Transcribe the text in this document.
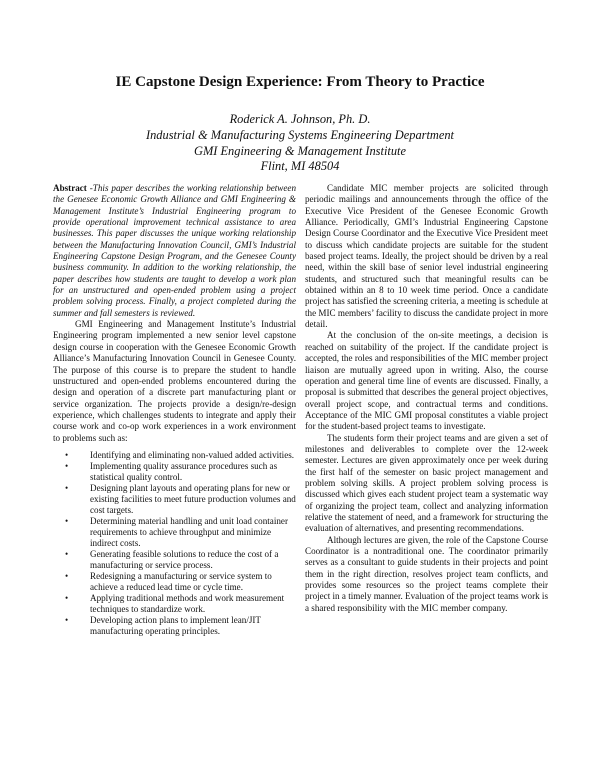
IE Capstone Design Experience: From Theory to Practice
Roderick A. Johnson, Ph. D.
Industrial & Manufacturing Systems Engineering Department
GMI Engineering & Management Institute
Flint, MI 48504

Abstract -This paper describes the working relationship between the Genesee Economic Growth Alliance and GMI Engineering & Management Institute’s Industrial Engineering program to provide operational improvement technical assistance to area businesses. This paper discusses the unique working relationship between the Manufacturing Innovation Council, GMI’s Industrial Engineering Capstone Design Program, and the Genesee County business community. In addition to the working relationship, the paper describes how students are taught to develop a work plan for an unstructured and open-ended problem using a project problem solving process. Finally, a project completed during the summer and fall semesters is reviewed.

GMI Engineering and Management Institute’s Industrial Engineering program implemented a new senior level capstone design course in cooperation with the Genesee Economic Growth Alliance’s Manufacturing Innovation Council in Genesee County. The purpose of this course is to prepare the student to handle unstructured and open-ended problems encountered during the design and operation of a discrete part manufacturing plant or service organization. The projects provide a design/re-design experience, which challenges students to integrate and apply their course work and co-op work experiences in a work environment to problems such as:

• Identifying and eliminating non-valued added activities.
• Implementing quality assurance procedures such as statistical quality control.
• Designing plant layouts and operating plans for new or existing facilities to meet future production volumes and cost targets.
• Determining material handling and unit load container requirements to achieve throughput and minimize indirect costs.
• Generating feasible solutions to reduce the cost of a manufacturing or service process.
• Redesigning a manufacturing or service system to achieve a reduced lead time or cycle time.
• Applying traditional methods and work measurement techniques to standardize work.
• Developing action plans to implement lean/JIT manufacturing operating principles.

Candidate MIC member projects are solicited through periodic mailings and announcements through the office of the Executive Vice President of the Genesee Economic Growth Alliance. Periodically, GMI’s Industrial Engineering Capstone Design Course Coordinator and the Executive Vice President meet to discuss which candidate projects are suitable for the student based project teams. Ideally, the project should be driven by a real need, within the skill base of senior level industrial engineering students, and structured such that meaningful results can be obtained within an 8 to 10 week time period. Once a candidate project has satisfied the screening criteria, a meeting is schedule at the MIC members’ facility to discuss the candidate project in more detail.

At the conclusion of the on-site meetings, a decision is reached on suitability of the project. If the candidate project is accepted, the roles and responsibilities of the MIC member project liaison are mutually agreed upon in writing. Also, the course operation and general time line of events are discussed. Finally, a proposal is submitted that describes the general project objectives, overall project scope, and contractual terms and conditions. Acceptance of the MIC GMI proposal constitutes a viable project for the student-based project teams to investigate.

The students form their project teams and are given a set of milestones and deliverables to complete over the 12-week semester. Lectures are given approximately once per week during the first half of the semester on basic project management and problem solving skills. A project problem solving process is discussed which gives each student project team a systematic way of organizing the project team, collect and analyzing information relative the statement of need, and a framework for structuring the evaluation of alternatives, and presenting recommendations.

Although lectures are given, the role of the Capstone Course Coordinator is a nontraditional one. The coordinator primarily serves as a consultant to guide students in their projects and point them in the right direction, resolves project team conflicts, and provides some resources so the project teams complete their project in a timely manner. Evaluation of the project teams work is a shared responsibility with the MIC member company.
